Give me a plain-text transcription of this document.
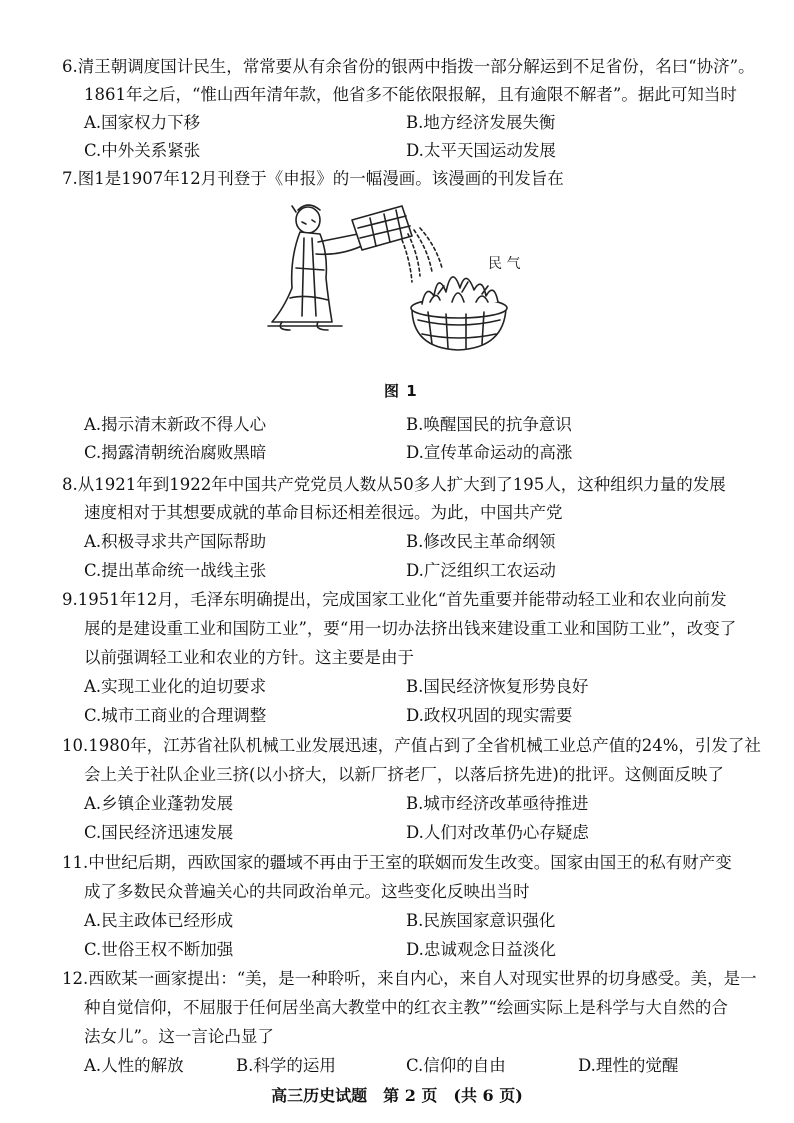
6.清王朝调度国计民生，常常要从有余省份的银两中指拨一部分解运到不足省份，名曰“协济”。
1861年之后，“惟山西年清年款，他省多不能依限报解，且有逾限不解者”。据此可知当时
A.国家权力下移	B.地方经济发展失衡
C.中外关系紧张	D.太平天国运动发展
7.图1是1907年12月刊登于《申报》的一幅漫画。该漫画的刊发旨在
民 气
图 1
A.揭示清末新政不得人心	B.唤醒国民的抗争意识
C.揭露清朝统治腐败黑暗	D.宣传革命运动的高涨
8.从1921年到1922年中国共产党党员人数从50多人扩大到了195人，这种组织力量的发展
速度相对于其想要成就的革命目标还相差很远。为此，中国共产党
A.积极寻求共产国际帮助	B.修改民主革命纲领
C.提出革命统一战线主张	D.广泛组织工农运动
9.1951年12月，毛泽东明确提出，完成国家工业化“首先重要并能带动轻工业和农业向前发
展的是建设重工业和国防工业”，要“用一切办法挤出钱来建设重工业和国防工业”，改变了
以前强调轻工业和农业的方针。这主要是由于
A.实现工业化的迫切要求	B.国民经济恢复形势良好
C.城市工商业的合理调整	D.政权巩固的现实需要
10.1980年，江苏省社队机械工业发展迅速，产值占到了全省机械工业总产值的24%，引发了社
会上关于社队企业三挤(以小挤大，以新厂挤老厂，以落后挤先进)的批评。这侧面反映了
A.乡镇企业蓬勃发展	B.城市经济改革亟待推进
C.国民经济迅速发展	D.人们对改革仍心存疑虑
11.中世纪后期，西欧国家的疆域不再由于王室的联姻而发生改变。国家由国王的私有财产变
成了多数民众普遍关心的共同政治单元。这些变化反映出当时
A.民主政体已经形成	B.民族国家意识强化
C.世俗王权不断加强	D.忠诚观念日益淡化
12.西欧某一画家提出：“美，是一种聆听，来自内心，来自人对现实世界的切身感受。美，是一
种自觉信仰，不屈服于任何居坐高大教堂中的红衣主教”“绘画实际上是科学与大自然的合
法女儿”。这一言论凸显了
A.人性的解放	B.科学的运用	C.信仰的自由	D.理性的觉醒
高三历史试题　第 2 页　(共 6 页)
